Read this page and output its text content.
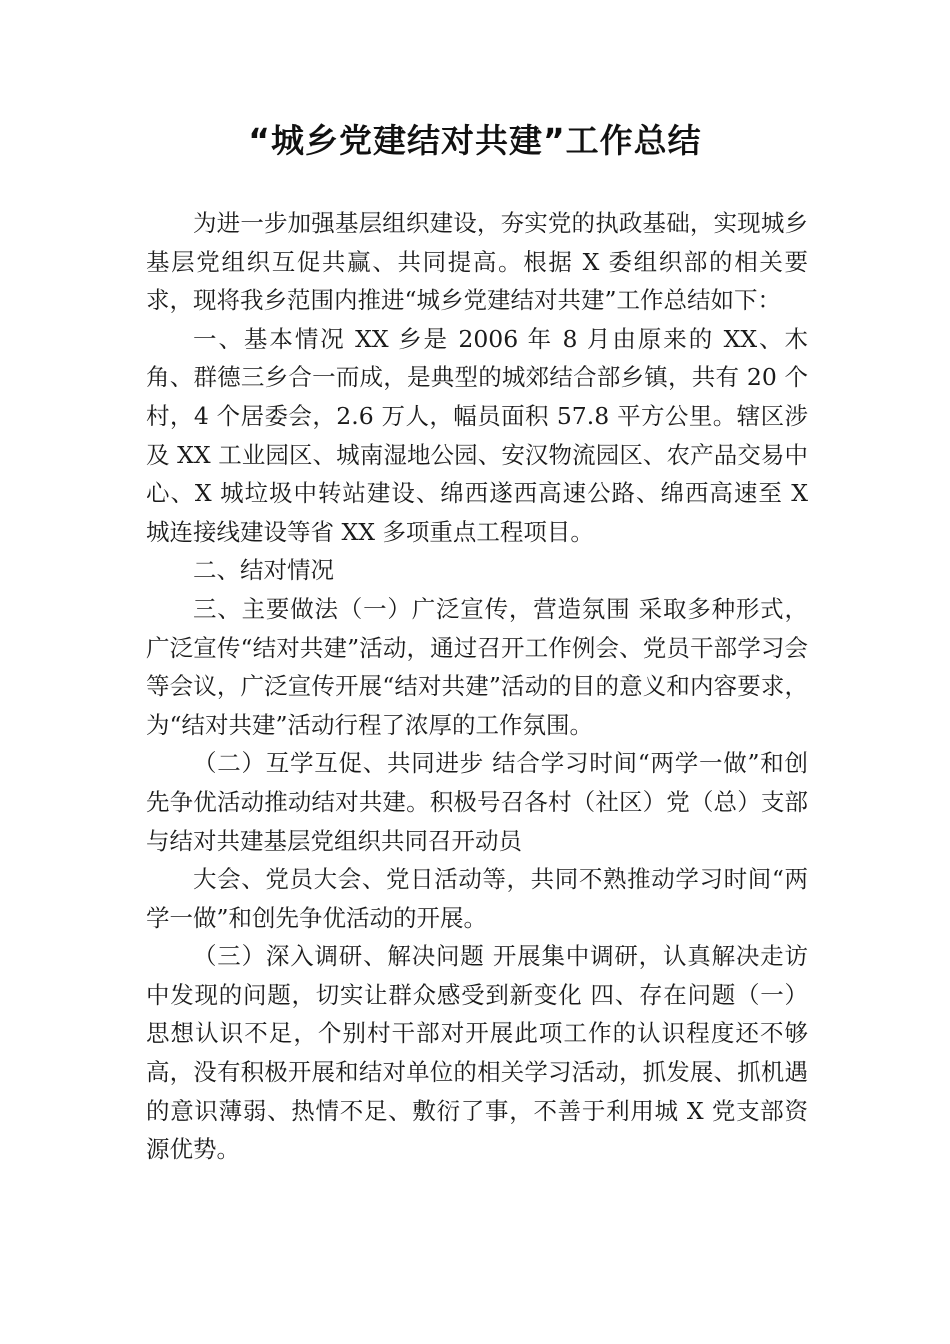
“城乡党建结对共建”工作总结

为进一步加强基层组织建设，夯实党的执政基础，实现城乡基层党组织互促共赢、共同提高。根据 X 委组织部的相关要求，现将我乡范围内推进“城乡党建结对共建”工作总结如下：

一、基本情况 XX 乡是 2006 年 8 月由原来的 XX、木角、群德三乡合一而成，是典型的城郊结合部乡镇，共有 20 个村，4 个居委会，2.6 万人，幅员面积 57.8 平方公里。辖区涉及 XX 工业园区、城南湿地公园、安汉物流园区、农产品交易中心、X 城垃圾中转站建设、绵西遂西高速公路、绵西高速至 X 城连接线建设等省 XX 多项重点工程项目。

二、结对情况

三、主要做法（一）广泛宣传，营造氛围 采取多种形式，广泛宣传“结对共建”活动，通过召开工作例会、党员干部学习会等会议，广泛宣传开展“结对共建”活动的目的意义和内容要求，为“结对共建”活动行程了浓厚的工作氛围。

（二）互学互促、共同进步 结合学习时间“两学一做”和创先争优活动推动结对共建。积极号召各村（社区）党（总）支部与结对共建基层党组织共同召开动员

大会、党员大会、党日活动等，共同不熟推动学习时间“两学一做”和创先争优活动的开展。

（三）深入调研、解决问题 开展集中调研，认真解决走访中发现的问题，切实让群众感受到新变化 四、存在问题（一）思想认识不足，个别村干部对开展此项工作的认识程度还不够高，没有积极开展和结对单位的相关学习活动，抓发展、抓机遇的意识薄弱、热情不足、敷衍了事，不善于利用城 X 党支部资源优势。
